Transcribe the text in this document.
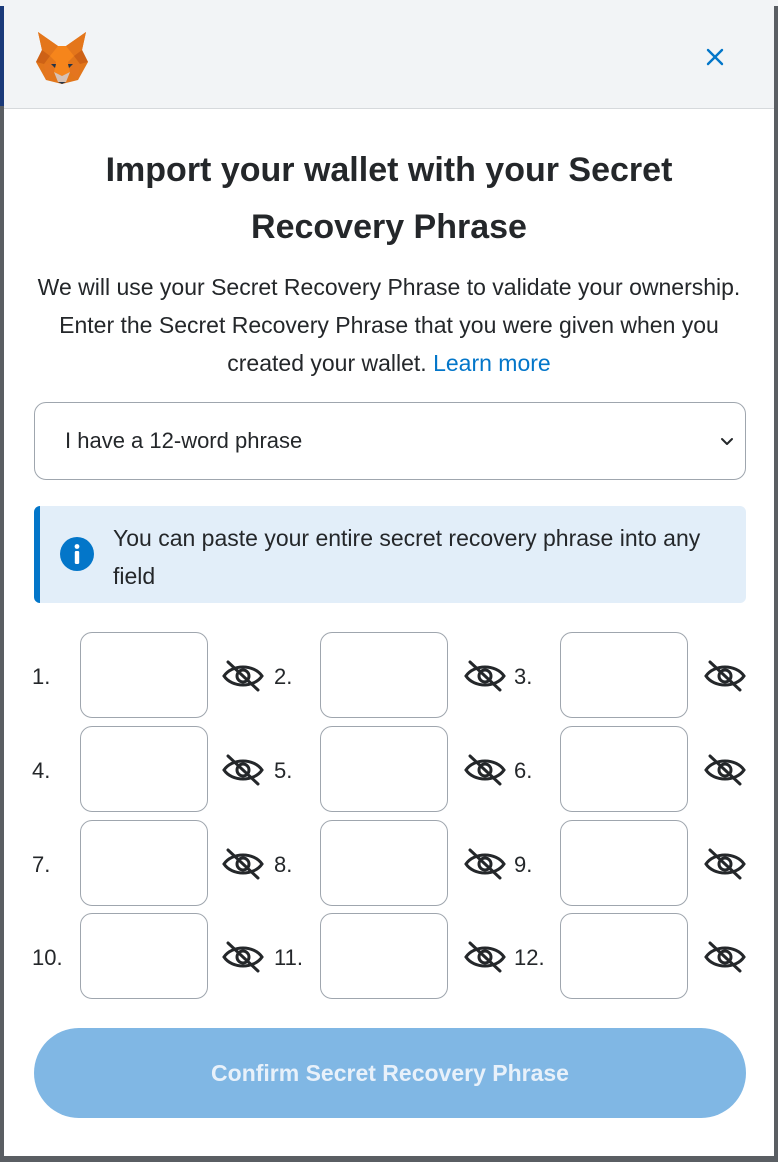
Import your wallet with your Secret Recovery Phrase
We will use your Secret Recovery Phrase to validate your ownership. Enter the Secret Recovery Phrase that you were given when you created your wallet. Learn more
I have a 12-word phrase
You can paste your entire secret recovery phrase into any field
1.	2.	3.
4.	5.	6.
7.	8.	9.
10.	11.	12.
Confirm Secret Recovery Phrase
